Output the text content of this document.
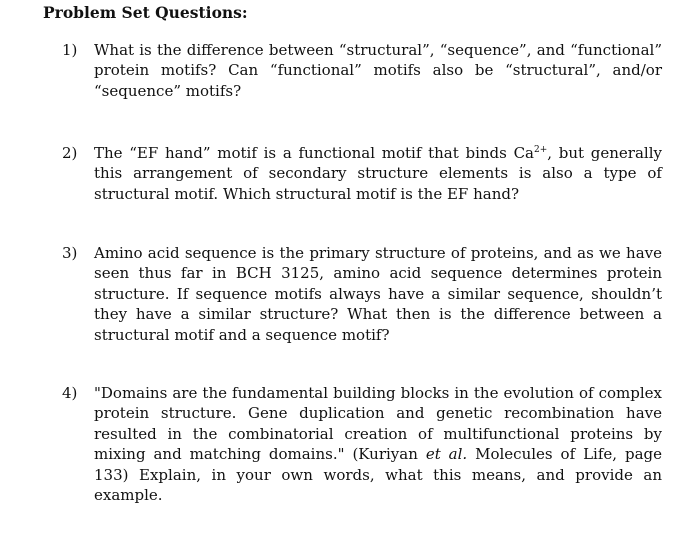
Problem Set Questions:
1)	What is the difference between “structural”, “sequence”, and “functional” protein motifs? Can “functional” motifs also be “structural”, and/or “sequence” motifs?
2)	The “EF hand” motif is a functional motif that binds $Ca^{2+}$, but generally this arrangement of secondary structure elements is also a type of structural motif. Which structural motif is the EF hand?
3)	Amino acid sequence is the primary structure of proteins, and as we have seen thus far in BCH 3125, amino acid sequence determines protein structure. If sequence motifs always have a similar sequence, shouldn’t they have a similar structure? What then is the difference between a structural motif and a sequence motif?
4)	"Domains are the fundamental building blocks in the evolution of complex protein structure. Gene duplication and genetic recombination have resulted in the combinatorial creation of multifunctional proteins by mixing and matching domains." (Kuriyan et al. Molecules of Life, page 133) Explain, in your own words, what this means, and provide an example.
